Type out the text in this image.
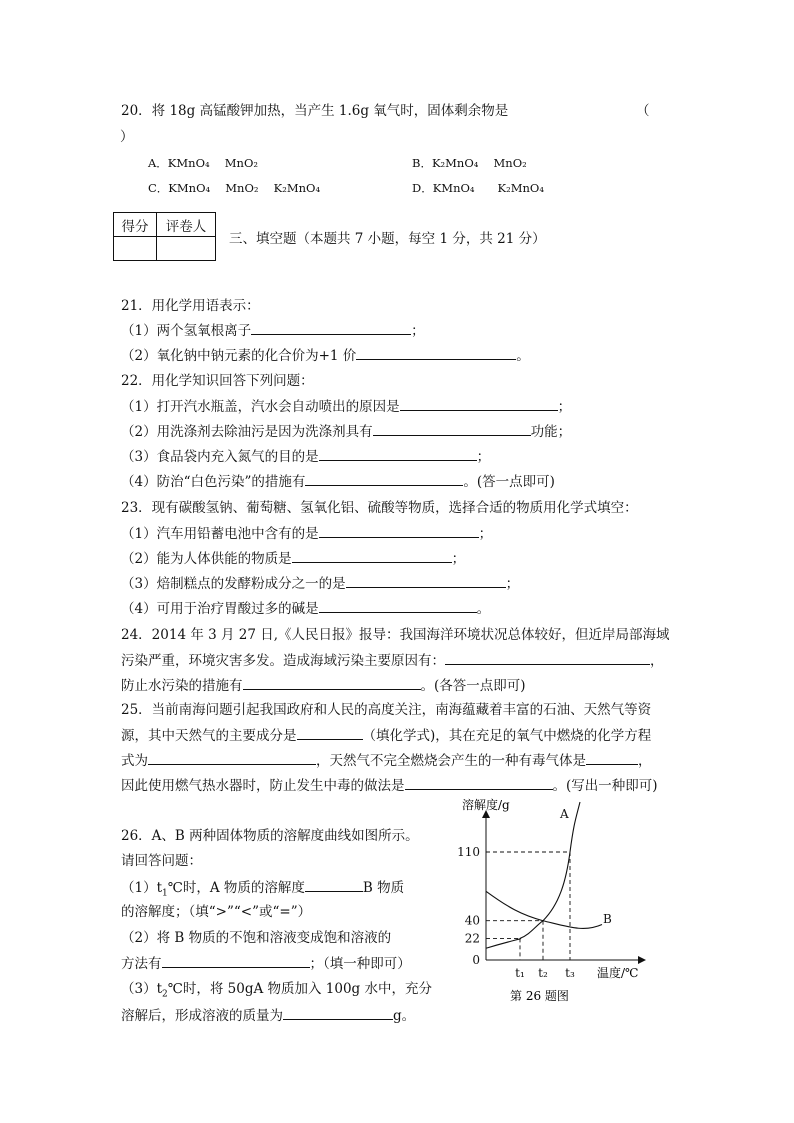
20．将 18g 高锰酸钾加热，当产生 1.6g 氧气时，固体剩余物是	（
）
A．KMnO₄　 MnO₂	B．K₂MnO₄　 MnO₂
C．KMnO₄　 MnO₂　 K₂MnO₄	D．KMnO₄　　K₂MnO₄
得分	评卷人

三、填空题（本题共 7 小题，每空 1 分，共 21 分）
21．用化学用语表示：
（1）两个氢氧根离子	；
（2）氧化钠中钠元素的化合价为+1 价	。
22．用化学知识回答下列问题：
（1）打开汽水瓶盖，汽水会自动喷出的原因是	；
（2）用洗涤剂去除油污是因为洗涤剂具有	功能；
（3）食品袋内充入氮气的目的是	；
（4）防治“白色污染”的措施有	。(答一点即可)
23．现有碳酸氢钠、葡萄糖、氢氧化铝、硫酸等物质，选择合适的物质用化学式填空：
（1）汽车用铅蓄电池中含有的是	；
（2）能为人体供能的物质是	；
（3）焙制糕点的发酵粉成分之一的是	；
（4）可用于治疗胃酸过多的碱是	。
24．2014 年 3 月 27 日,《人民日报》报导：我国海洋环境状况总体较好，但近岸局部海域
污染严重，环境灾害多发。造成海域污染主要原因有：	，
防止水污染的措施有	。(各答一点即可)
25．当前南海问题引起我国政府和人民的高度关注，南海蕴藏着丰富的石油、天然气等资
源，其中天然气的主要成分是	（填化学式)，其在充足的氧气中燃烧的化学方程
式为	，天然气不完全燃烧会产生的一种有毒气体是	，
因此使用燃气热水器时，防止发生中毒的做法是	。(写出一种即可)
26．A、B 两种固体物质的溶解度曲线如图所示。
请回答问题：
$(1)t_1℃$时，A 物质的溶解度	B 物质
的溶解度；（填“>”“<”或“=”）
（2）将 B 物质的不饱和溶液变成饱和溶液的
方法有	；（填一种即可）
$(3)t_2℃$时，将 50gA 物质加入 100g 水中，充分
溶解后，形成溶液的质量为	g。
A
B
溶解度/g
温度/℃
第 26 题图
110
40
22
0
t₁ t₂ t₃
